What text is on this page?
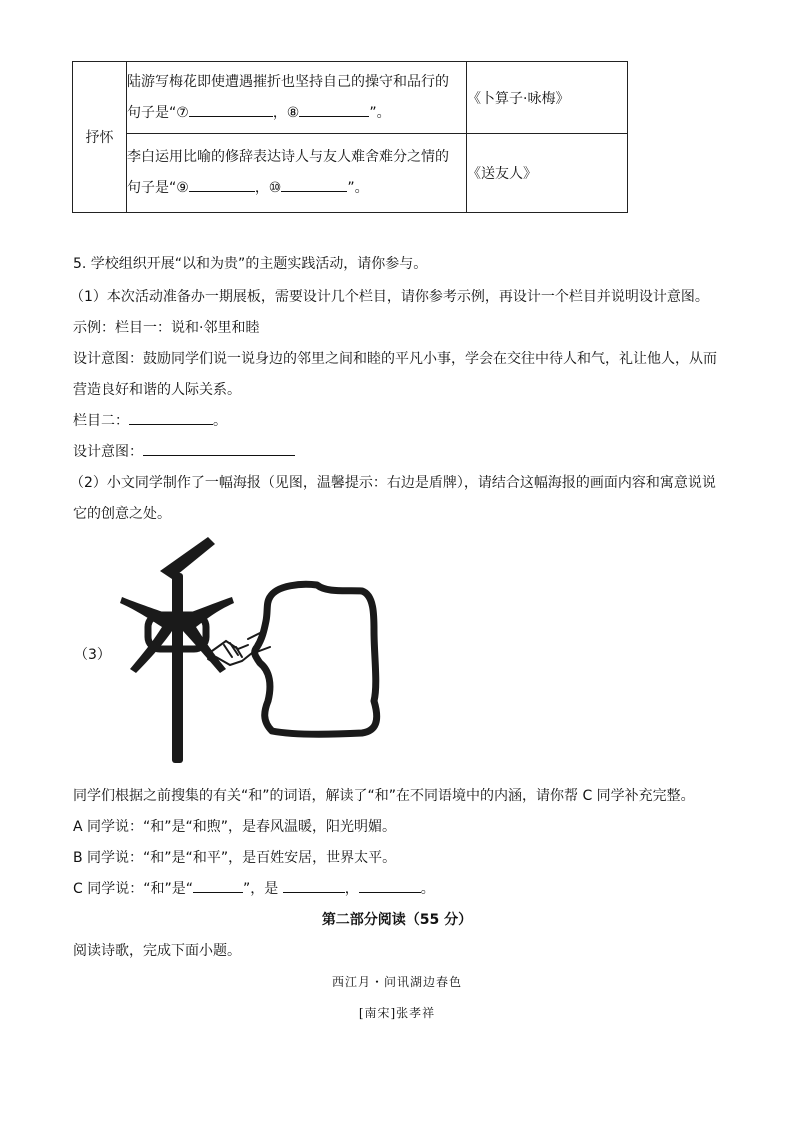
抒怀	陆游写梅花即使遭遇摧折也坚持自己的操守和品行的
句子是“⑦ ，⑧ ”。	《卜算子·咏梅》

	李白运用比喻的修辞表达诗人与友人难舍难分之情的
句子是“⑨ ，⑩ ”。	《送友人》
5. 学校组织开展“以和为贵”的主题实践活动，请你参与。
（1）本次活动准备办一期展板，需要设计几个栏目，请你参考示例，再设计一个栏目并说明设计意图。
示例：栏目一：说和·邻里和睦
设计意图：鼓励同学们说一说身边的邻里之间和睦的平凡小事，学会在交往中待人和气，礼让他人，从而
营造良好和谐的人际关系。
栏目二：	。
设计意图：
（2）小文同学制作了一幅海报（见图，温馨提示：右边是盾牌），请结合这幅海报的画面内容和寓意说说
它的创意之处。
（3）
同学们根据之前搜集的有关“和”的词语，解读了“和”在不同语境中的内涵，请你帮 C 同学补充完整。
A 同学说：“和”是“和煦”，是春风温暖，阳光明媚。
B 同学说：“和”是“和平”，是百姓安居，世界太平。
C 同学说：“和”是“	”，是	，	。
第二部分阅读（55 分）
阅读诗歌，完成下面小题。
西江月・问讯湖边春色
[南宋]张孝祥
